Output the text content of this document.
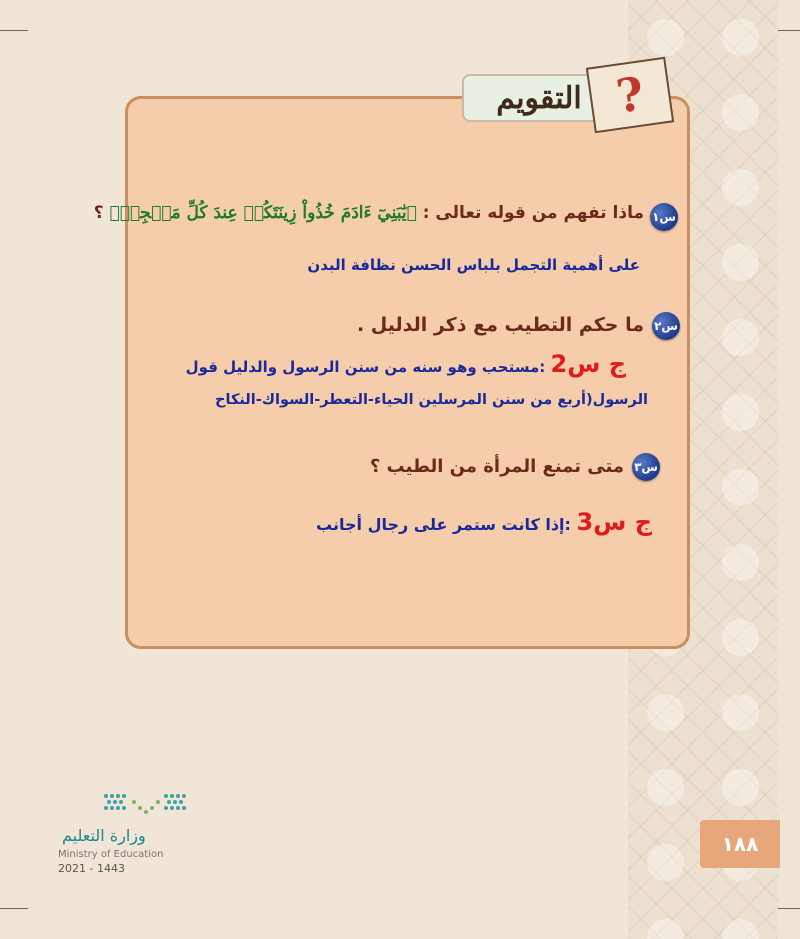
التقويم ?
س١
ماذا تفهم من قوله تعالى : ﴿يَٰبَنِيٓ ءَادَمَ خُذُواْ زِينَتَكُمۡ عِندَ كُلِّ مَسۡجِدٖ﴾ ؟
على أهمية التجمل بلباس الحسن نظافة البدن
س٢
ما حكم التطيب مع ذكر الدليل .
ج س2 :مستحب وهو سنه من سنن الرسول والدليل قول
الرسول(أربع من سنن المرسلين الحياء-التعطر-السواك-النكاح
س٣
متى تمنع المرأة من الطيب ؟
ج س3 :إذا كانت ستمر على رجال أجانب
وزارة التعليم
Ministry of Education
2021 - 1443
١٨٨
